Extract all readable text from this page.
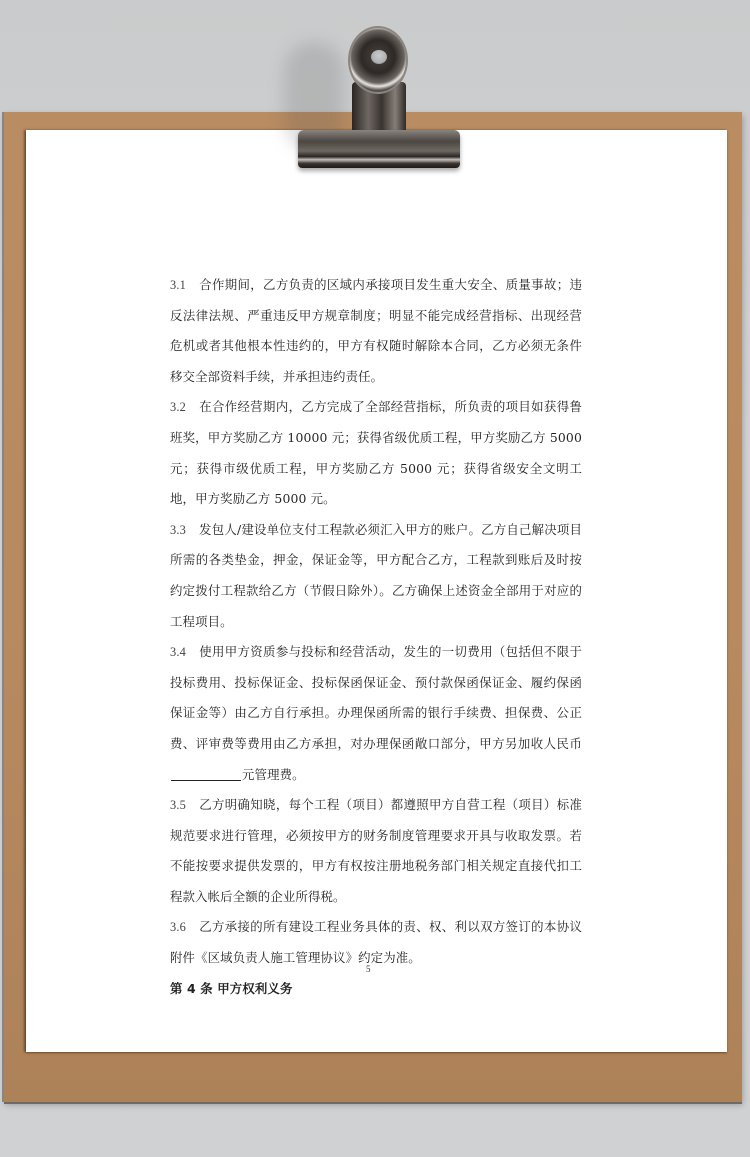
3.1 合作期间，乙方负责的区域内承接项目发生重大安全、质量事故；违反法律法规、严重违反甲方规章制度；明显不能完成经营指标、出现经营危机或者其他根本性违约的，甲方有权随时解除本合同，乙方必须无条件移交全部资料手续，并承担违约责任。

3.2 在合作经营期内，乙方完成了全部经营指标，所负责的项目如获得鲁班奖，甲方奖励乙方 10000 元；获得省级优质工程，甲方奖励乙方 5000 元；获得市级优质工程，甲方奖励乙方 5000 元；获得省级安全文明工地，甲方奖励乙方 5000 元。

3.3 发包人/建设单位支付工程款必须汇入甲方的账户。乙方自己解决项目所需的各类垫金，押金，保证金等，甲方配合乙方，工程款到账后及时按约定拨付工程款给乙方（节假日除外）。乙方确保上述资金全部用于对应的工程项目。

3.4 使用甲方资质参与投标和经营活动，发生的一切费用（包括但不限于投标费用、投标保证金、投标保函保证金、预付款保函保证金、履约保函保证金等）由乙方自行承担。办理保函所需的银行手续费、担保费、公正费、评审费等费用由乙方承担，对办理保函敞口部分，甲方另加收人民币元管理费。

3.5 乙方明确知晓，每个工程（项目）都遵照甲方自营工程（项目）标准规范要求进行管理，必须按甲方的财务制度管理要求开具与收取发票。若不能按要求提供发票的，甲方有权按注册地税务部门相关规定直接代扣工程款入帐后全额的企业所得税。

3.6 乙方承接的所有建设工程业务具体的责、权、利以双方签订的本协议附件《区域负责人施工管理协议》约定为准。

第 4 条 甲方权利义务

5
